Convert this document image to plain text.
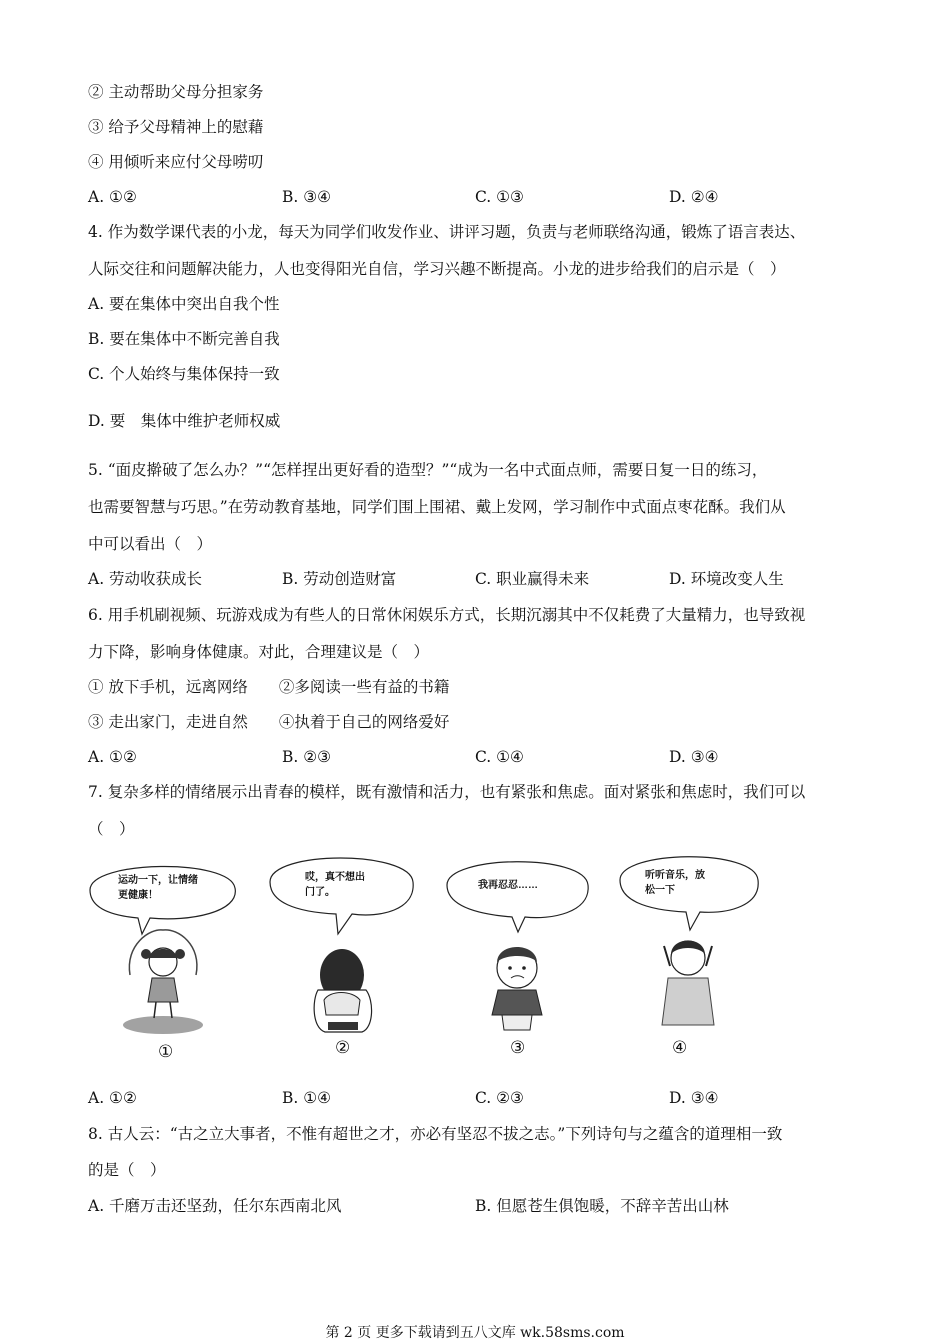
② 主动帮助父母分担家务
③ 给予父母精神上的慰藉
④ 用倾听来应付父母唠叨
A. ①②	B. ③④	C. ①③	D. ②④
4. 作为数学课代表的小龙，每天为同学们收发作业、讲评习题，负责与老师联络沟通，锻炼了语言表达、
人际交往和问题解决能力，人也变得阳光自信，学习兴趣不断提高。小龙的进步给我们的启示是（　）
A. 要在集体中突出自我个性
B. 要在集体中不断完善自我
C. 个人始终与集体保持一致
D. 要　集体中维护老师权威
5. “面皮擀破了怎么办？”“怎样捏出更好看的造型？”“成为一名中式面点师，需要日复一日的练习，
也需要智慧与巧思。”在劳动教育基地，同学们围上围裙、戴上发网，学习制作中式面点枣花酥。我们从
中可以看出（　）
A. 劳动收获成长	B. 劳动创造财富	C. 职业赢得未来	D. 环境改变人生
6. 用手机刷视频、玩游戏成为有些人的日常休闲娱乐方式，长期沉溺其中不仅耗费了大量精力，也导致视
力下降，影响身体健康。对此，合理建议是（　）
① 放下手机，远离网络　　②多阅读一些有益的书籍
③ 走出家门，走进自然　　④执着于自己的网络爱好
A. ①②	B. ②③	C. ①④	D. ③④
7. 复杂多样的情绪展示出青春的模样，既有激情和活力，也有紧张和焦虑。面对紧张和焦虑时，我们可以
（　）
运动一下，让情绪
更健康！
哎，真不想出
门了。
我再忍忍……
听听音乐，放
松一下
①	②	③	④
A. ①②	B. ①④	C. ②③	D. ③④
8. 古人云：“古之立大事者，不惟有超世之才，亦必有坚忍不拔之志。”下列诗句与之蕴含的道理相一致
的是（　）
A. 千磨万击还坚劲，任尔东西南北风	B. 但愿苍生俱饱暖，不辞辛苦出山林
第 2 页 更多下载请到五八文库 wk.58sms.com
